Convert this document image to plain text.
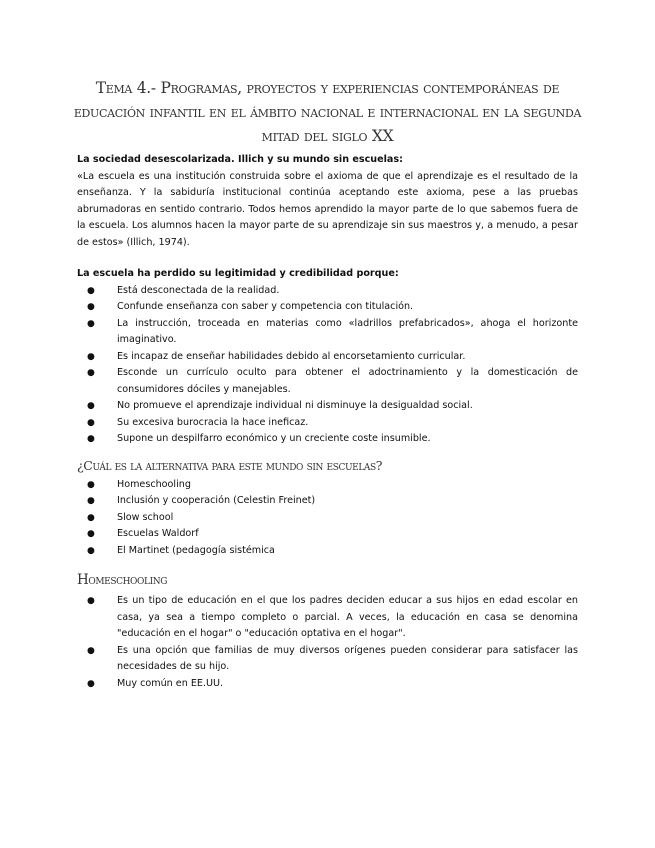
Tema 4.- Programas, proyectos y experiencias contemporáneas de educación infantil en el ámbito nacional e internacional en la segunda mitad del siglo XX

La sociedad desescolarizada. Illich y su mundo sin escuelas:

«La escuela es una institución construida sobre el axioma de que el aprendizaje es el resultado de la enseñanza. Y la sabiduría institucional continúa aceptando este axioma, pese a las pruebas abrumadoras en sentido contrario. Todos hemos aprendido la mayor parte de lo que sabemos fuera de la escuela. Los alumnos hacen la mayor parte de su aprendizaje sin sus maestros y, a menudo, a pesar de estos» (Illich, 1974).

La escuela ha perdido su legitimidad y credibilidad porque:

● Está desconectada de la realidad.
● Confunde enseñanza con saber y competencia con titulación.
● La instrucción, troceada en materias como «ladrillos prefabricados», ahoga el horizonte imaginativo.
● Es incapaz de enseñar habilidades debido al encorsetamiento curricular.
● Esconde un currículo oculto para obtener el adoctrinamiento y la domesticación de consumidores dóciles y manejables.
● No promueve el aprendizaje individual ni disminuye la desigualdad social.
● Su excesiva burocracia la hace ineficaz.
● Supone un despilfarro económico y un creciente coste insumible.

¿Cuál es la alternativa para este mundo sin escuelas?

● Homeschooling
● Inclusión y cooperación (Celestin Freinet)
● Slow school
● Escuelas Waldorf
● El Martinet (pedagogía sistémica

Homeschooling

● Es un tipo de educación en el que los padres deciden educar a sus hijos en edad escolar en casa, ya sea a tiempo completo o parcial. A veces, la educación en casa se denomina "educación en el hogar" o "educación optativa en el hogar".
● Es una opción que familias de muy diversos orígenes pueden considerar para satisfacer las necesidades de su hijo.
● Muy común en EE.UU.
